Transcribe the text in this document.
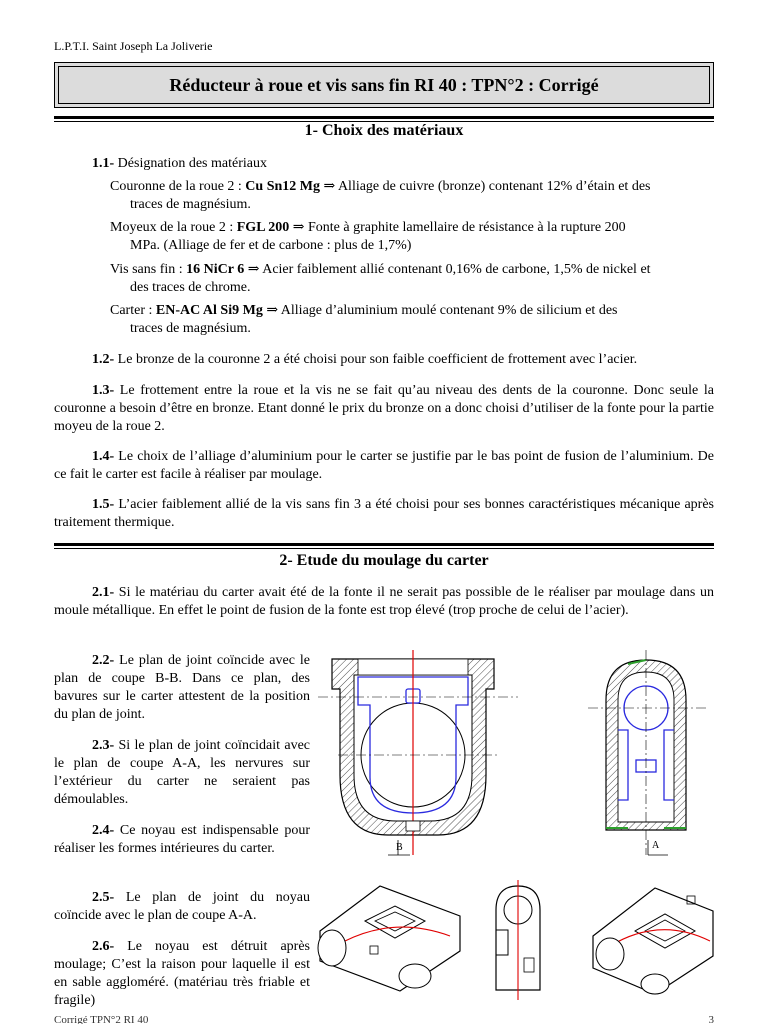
L.P.T.I. Saint Joseph La Joliverie
Réducteur à roue et vis sans fin RI 40 : TPN°2 : Corrigé
1- Choix des matériaux
1.1- Désignation des matériaux
Couronne de la roue 2 : Cu Sn12 Mg ⇒ Alliage de cuivre (bronze) contenant 12% d’étain et des
traces de magnésium.
Moyeux de la roue 2 : FGL 200 ⇒ Fonte à graphite lamellaire de résistance à la rupture 200
MPa. (Alliage de fer et de carbone : plus de 1,7%)
Vis sans fin : 16 NiCr 6 ⇒ Acier faiblement allié contenant 0,16% de carbone, 1,5% de nickel et
des traces de chrome.
Carter : EN-AC Al Si9 Mg ⇒ Alliage d’aluminium moulé contenant 9% de silicium et des
traces de magnésium.
1.2- Le bronze de la couronne 2 a été choisi pour son faible coefficient de frottement avec l’acier.
1.3- Le frottement entre la roue et la vis ne se fait qu’au niveau des dents de la couronne. Donc seule la couronne a besoin d’être en bronze. Etant donné le prix du bronze on a donc choisi d’utiliser de la fonte pour la partie moyeu de la roue 2.
1.4- Le choix de l’alliage d’aluminium pour le carter se justifie par le bas point de fusion de l’aluminium. De ce fait le carter est facile à réaliser par moulage.
1.5- L’acier faiblement allié de la vis sans fin 3 a été choisi pour ses bonnes caractéristiques mécanique après traitement thermique.
2- Etude du moulage du carter
2.1- Si le matériau du carter avait été de la fonte il ne serait pas possible de le réaliser par moulage dans un moule métallique. En effet le point de fusion de la fonte est trop élevé (trop proche de celui de l’acier).
2.2- Le plan de joint coïncide avec le plan de coupe B-B. Dans ce plan, des bavures sur le carter attestent de la position du plan de joint.
2.3- Si le plan de joint coïncidait avec le plan de coupe A-A, les nervures sur l’extérieur du carter ne seraient pas démoulables.
2.4- Ce noyau est indispensable pour réaliser les formes intérieures du carter.
2.5- Le plan de joint du noyau coïncide avec le plan de coupe A-A.
2.6- Le noyau est détruit après moulage; C’est la raison pour laquelle il est en sable aggloméré. (matériau très friable et fragile)
B	A
Corrigé TPN°2 RI 40	3
